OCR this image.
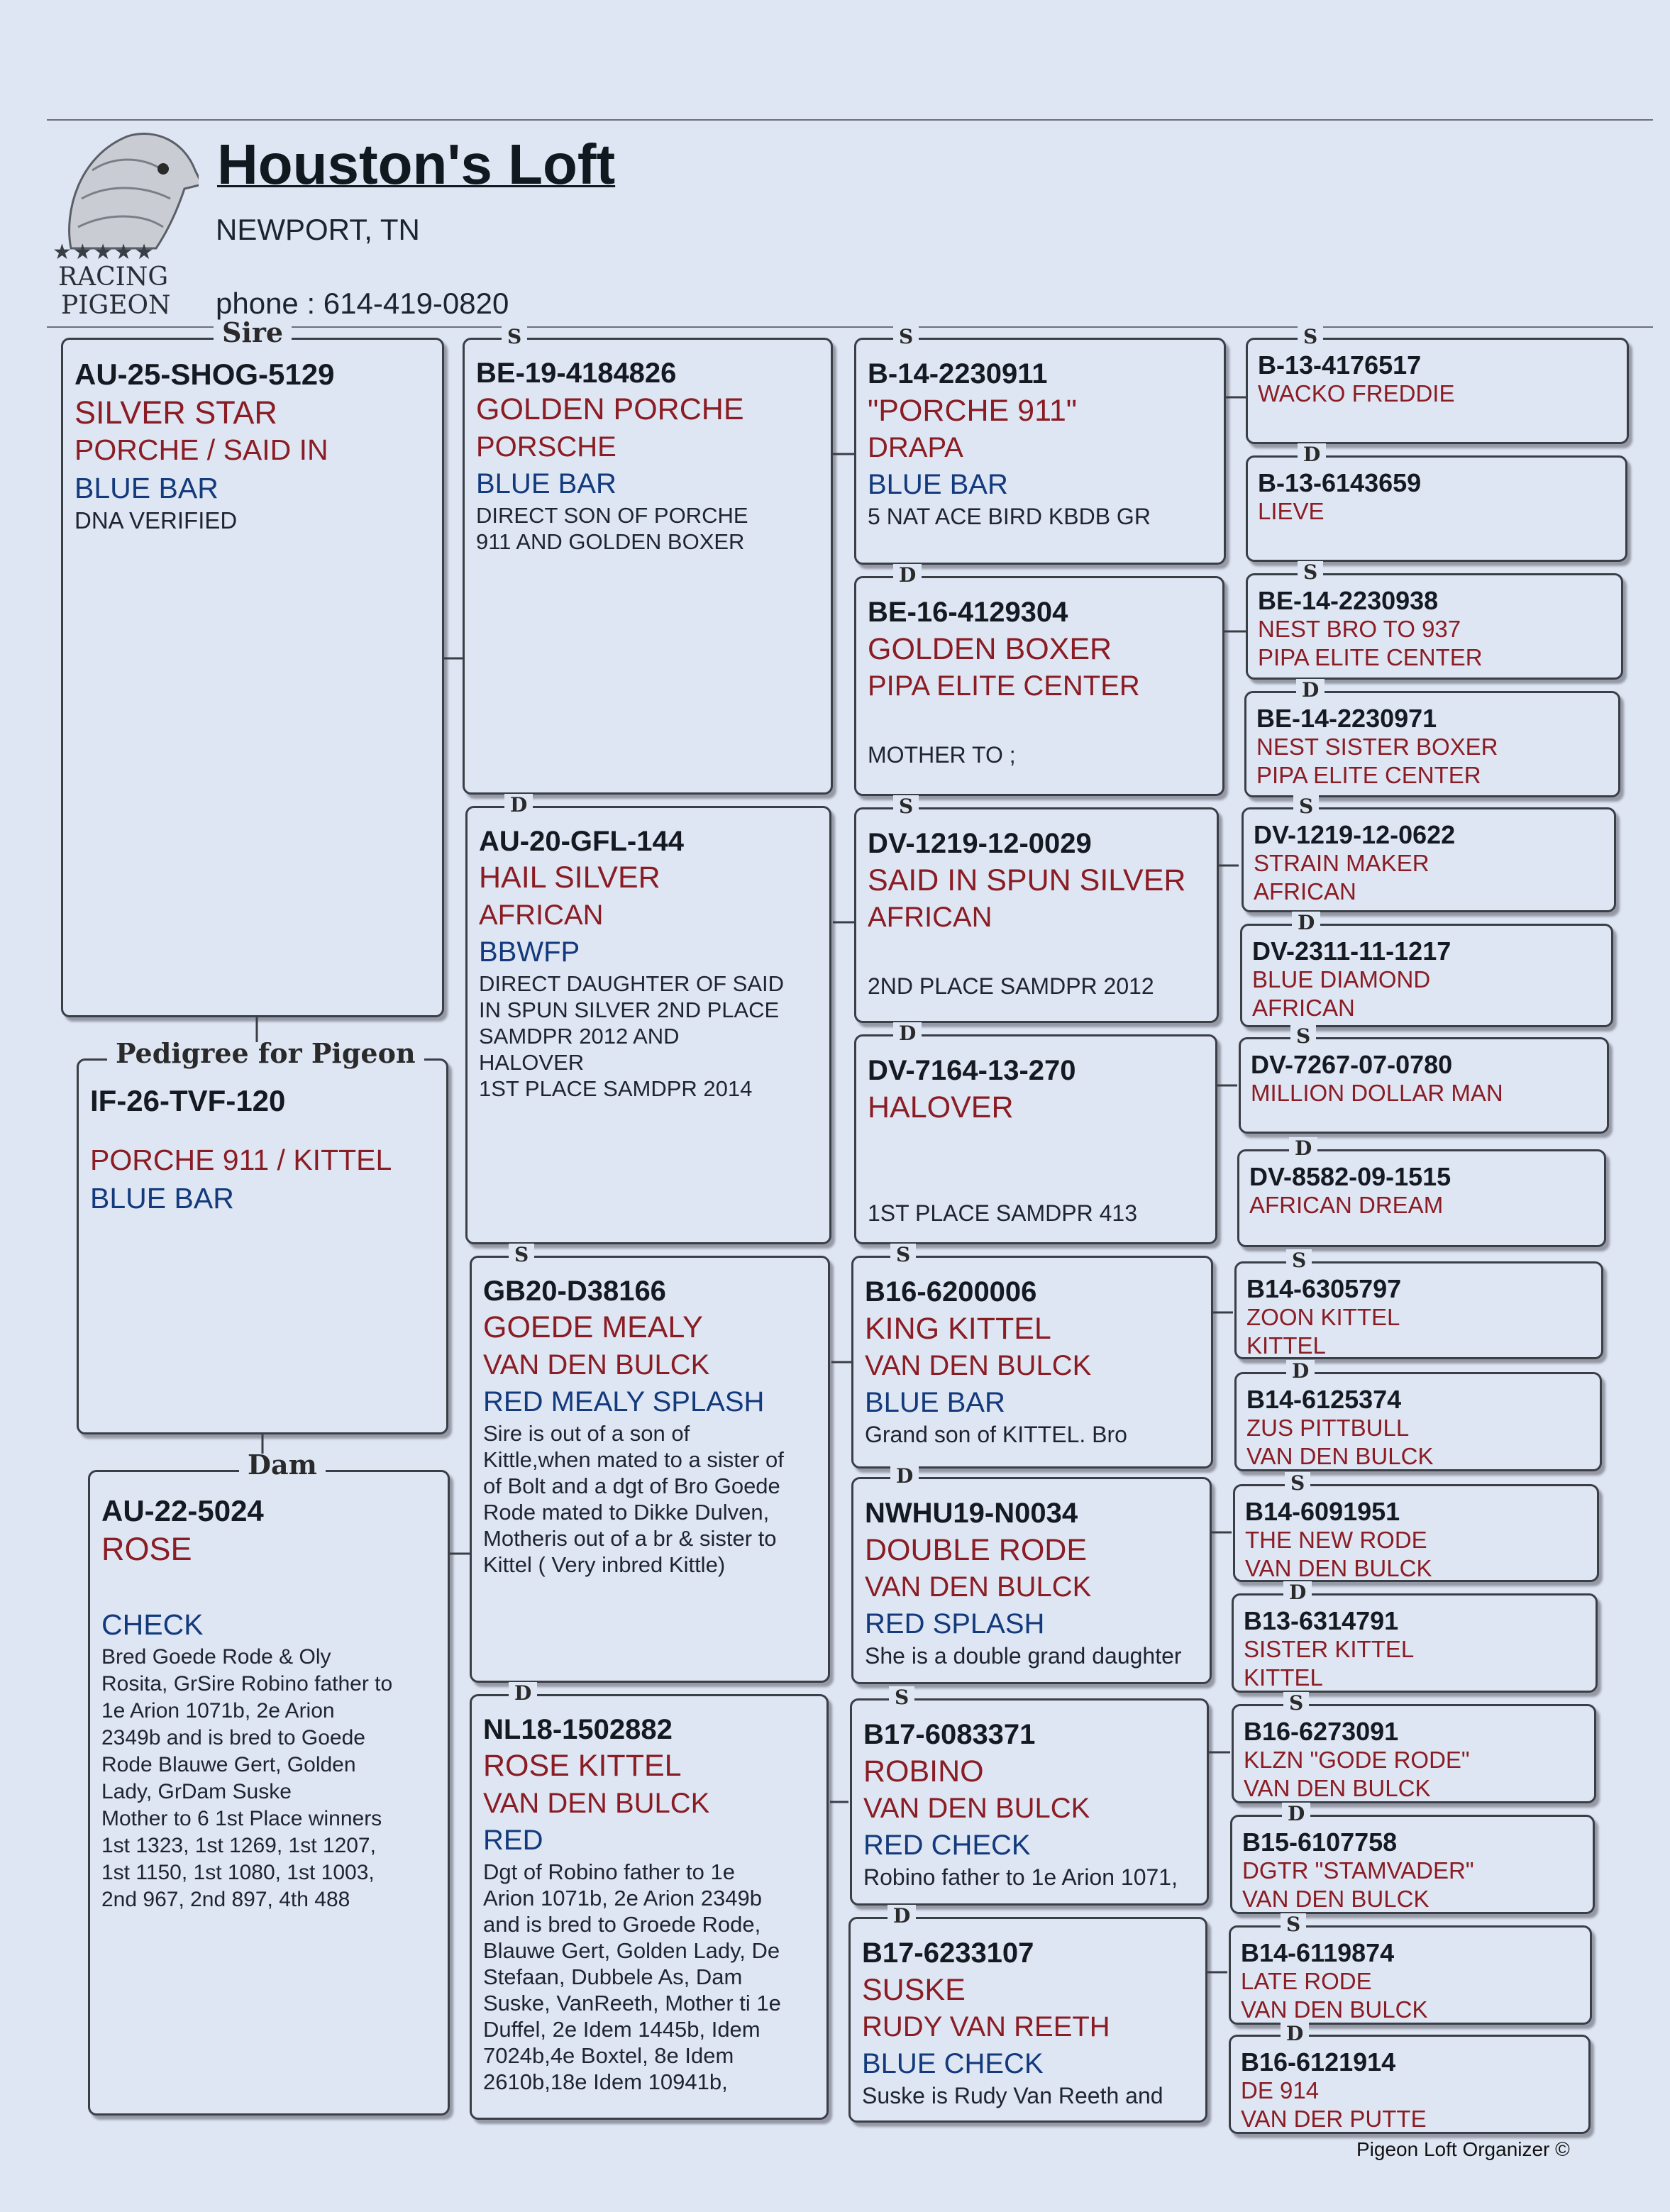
★★★★★
RACING
PIGEON
Houston's Loft
NEWPORT, TN
phone : 614-419-0820
Sire
AU-25-SHOG-5129
SILVER STAR
PORCHE / SAID IN
BLUE BAR
DNA VERIFIED
Pedigree for Pigeon
IF-26-TVF-120
PORCHE 911 / KITTEL
BLUE BAR
Dam
AU-22-5024
ROSE
CHECK
Bred Goede Rode & Oly
Rosita, GrSire Robino father to
1e Arion 1071b, 2e Arion
2349b and is bred to Goede
Rode Blauwe Gert, Golden
Lady, GrDam Suske
Mother to 6 1st Place winners
1st 1323, 1st 1269, 1st 1207,
1st 1150, 1st 1080, 1st 1003,
2nd 967, 2nd 897, 4th 488
S
BE-19-4184826
GOLDEN PORCHE
PORSCHE
BLUE BAR
DIRECT SON OF PORCHE
911 AND GOLDEN BOXER
D
AU-20-GFL-144
HAIL SILVER
AFRICAN
BBWFP
DIRECT DAUGHTER OF SAID
IN SPUN SILVER 2ND PLACE
SAMDPR 2012 AND
HALOVER
1ST PLACE SAMDPR 2014
S
GB20-D38166
GOEDE MEALY
VAN DEN BULCK
RED MEALY SPLASH
Sire is out of a son of
Kittle,when mated to a sister of
of Bolt and a dgt of Bro Goede
Rode mated to Dikke Dulven,
Motheris out of a br & sister to
Kittel ( Very inbred Kittle)
D
NL18-1502882
ROSE KITTEL
VAN DEN BULCK
RED
Dgt of Robino father to 1e
Arion 1071b, 2e Arion 2349b
and is bred to Groede Rode,
Blauwe Gert, Golden Lady, De
Stefaan, Dubbele As, Dam
Suske, VanReeth, Mother ti 1e
Duffel, 2e Idem 1445b, Idem
7024b,4e Boxtel, 8e Idem
2610b,18e Idem 10941b,
S
B-14-2230911
"PORCHE 911"
DRAPA
BLUE BAR
5 NAT ACE BIRD KBDB GR
D
BE-16-4129304
GOLDEN BOXER
PIPA ELITE CENTER
MOTHER TO ;
S
DV-1219-12-0029
SAID IN SPUN SILVER
AFRICAN
2ND PLACE SAMDPR 2012
D
DV-7164-13-270
HALOVER
1ST PLACE SAMDPR 413
S
B16-6200006
KING KITTEL
VAN DEN BULCK
BLUE BAR
Grand son of KITTEL. Bro
D
NWHU19-N0034
DOUBLE RODE
VAN DEN BULCK
RED SPLASH
She is a double grand daughter
S
B17-6083371
ROBINO
VAN DEN BULCK
RED CHECK
Robino father to 1e Arion 1071,
D
B17-6233107
SUSKE
RUDY VAN REETH
BLUE CHECK
Suske is Rudy Van Reeth and
S
B-13-4176517
WACKO FREDDIE
D
B-13-6143659
LIEVE
S
BE-14-2230938
NEST BRO TO 937
PIPA ELITE CENTER
D
BE-14-2230971
NEST SISTER BOXER
PIPA ELITE CENTER
S
DV-1219-12-0622
STRAIN MAKER
AFRICAN
D
DV-2311-11-1217
BLUE DIAMOND
AFRICAN
S
DV-7267-07-0780
MILLION DOLLAR MAN
D
DV-8582-09-1515
AFRICAN DREAM
S
B14-6305797
ZOON KITTEL
KITTEL
D
B14-6125374
ZUS PITTBULL
VAN DEN BULCK
S
B14-6091951
THE NEW RODE
VAN DEN BULCK
D
B13-6314791
SISTER KITTEL
KITTEL
S
B16-6273091
KLZN "GODE RODE"
VAN DEN BULCK
D
B15-6107758
DGTR "STAMVADER"
VAN DEN BULCK
S
B14-6119874
LATE RODE
VAN DEN BULCK
D
B16-6121914
DE 914
VAN DER PUTTE
Pigeon Loft Organizer ©
